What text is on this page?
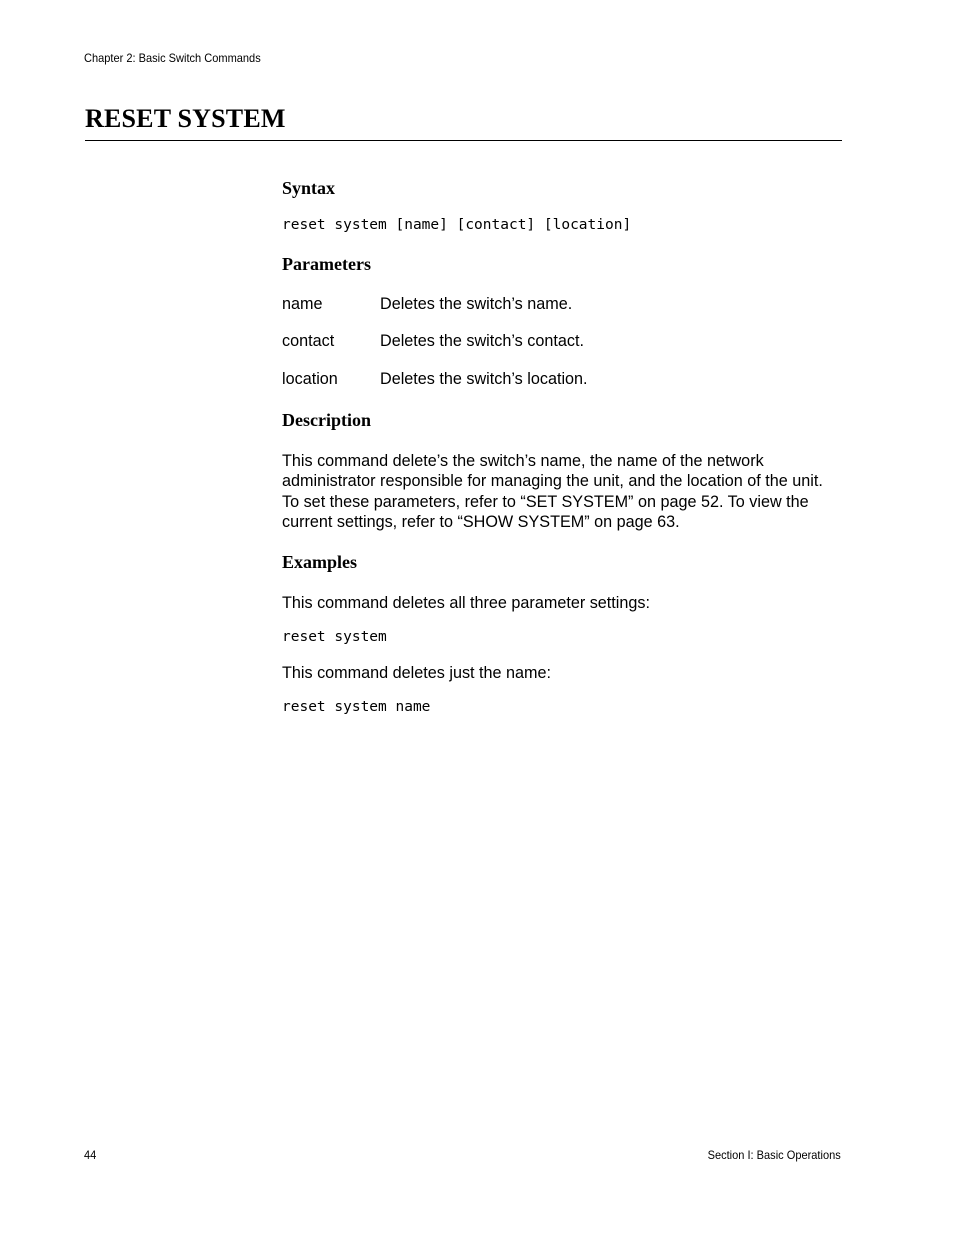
Chapter 2: Basic Switch Commands
RESET SYSTEM
Syntax
reset system [name] [contact] [location]
Parameters
name	Deletes the switch’s name.
contact	Deletes the switch’s contact.
location	Deletes the switch’s location.
Description

This command delete’s the switch’s name, the name of the network administrator responsible for managing the unit, and the location of the unit. To set these parameters, refer to “SET SYSTEM” on page 52. To view the current settings, refer to “SHOW SYSTEM” on page 63.

Examples

This command deletes all three parameter settings:

reset system

This command deletes just the name:

reset system name
44	Section I: Basic Operations
